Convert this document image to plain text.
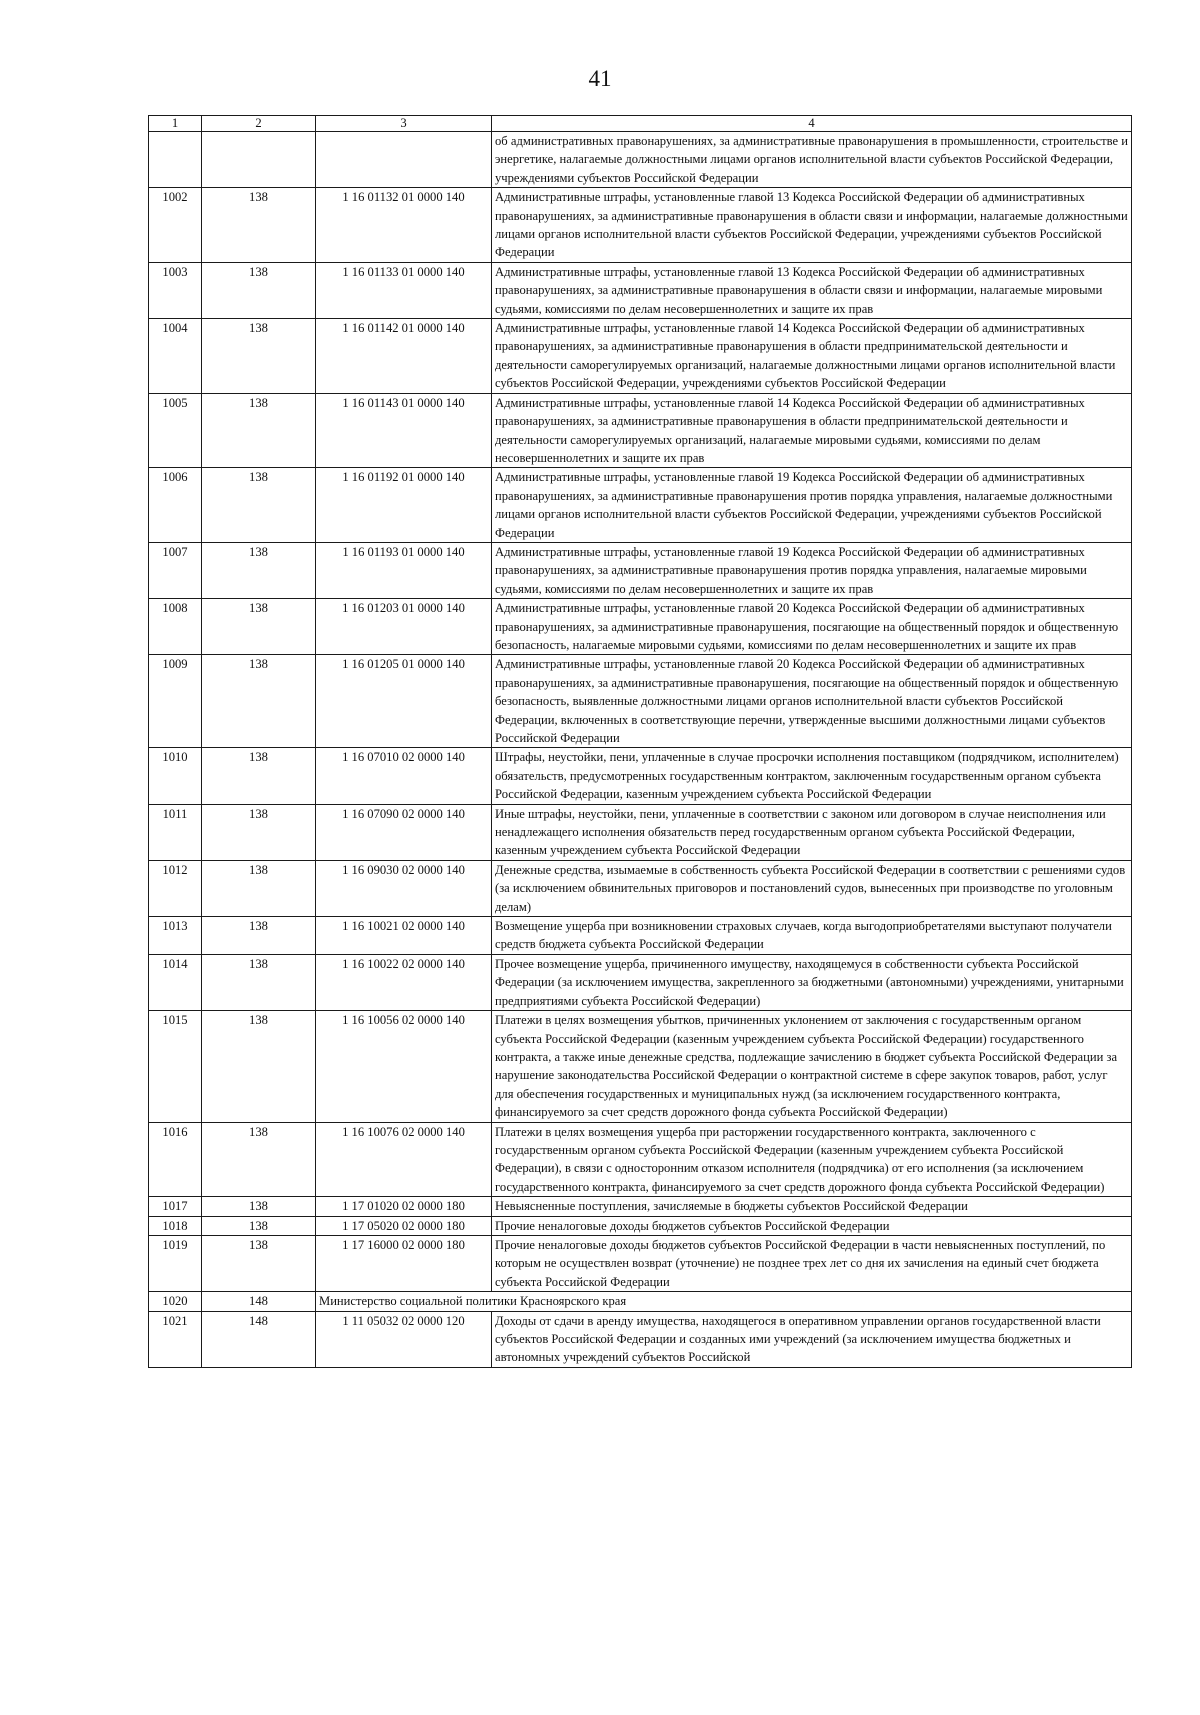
41
1	2	3	4
			об административных правонарушениях, за административные правонарушения в промышленности, строительстве и энергетике, налагаемые должностными лицами органов исполнительной власти субъектов Российской Федерации, учреждениями субъектов Российской Федерации
1002	138	1 16 01132 01 0000 140	Административные штрафы, установленные главой 13 Кодекса Российской Федерации об административных правонарушениях, за административные правонарушения в области связи и информации, налагаемые должностными лицами органов исполнительной власти субъектов Российской Федерации, учреждениями субъектов Российской Федерации
1003	138	1 16 01133 01 0000 140	Административные штрафы, установленные главой 13 Кодекса Российской Федерации об административных правонарушениях, за административные правонарушения в области связи и информации, налагаемые мировыми судьями, комиссиями по делам несовершеннолетних и защите их прав
1004	138	1 16 01142 01 0000 140	Административные штрафы, установленные главой 14 Кодекса Российской Федерации об административных правонарушениях, за административные правонарушения в области предпринимательской деятельности и деятельности саморегулируемых организаций, налагаемые должностными лицами органов исполнительной власти субъектов Российской Федерации, учреждениями субъектов Российской Федерации
1005	138	1 16 01143 01 0000 140	Административные штрафы, установленные главой 14 Кодекса Российской Федерации об административных правонарушениях, за административные правонарушения в области предпринимательской деятельности и деятельности саморегулируемых организаций, налагаемые мировыми судьями, комиссиями по делам несовершеннолетних и защите их прав
1006	138	1 16 01192 01 0000 140	Административные штрафы, установленные главой 19 Кодекса Российской Федерации об административных правонарушениях, за административные правонарушения против порядка управления, налагаемые должностными лицами органов исполнительной власти субъектов Российской Федерации, учреждениями субъектов Российской Федерации
1007	138	1 16 01193 01 0000 140	Административные штрафы, установленные главой 19 Кодекса Российской Федерации об административных правонарушениях, за административные правонарушения против порядка управления, налагаемые мировыми судьями, комиссиями по делам несовершеннолетних и защите их прав
1008	138	1 16 01203 01 0000 140	Административные штрафы, установленные главой 20 Кодекса Российской Федерации об административных правонарушениях, за административные правонарушения, посягающие на общественный порядок и общественную безопасность, налагаемые мировыми судьями, комиссиями по делам несовершеннолетних и защите их прав
1009	138	1 16 01205 01 0000 140	Административные штрафы, установленные главой 20 Кодекса Российской Федерации об административных правонарушениях, за административные правонарушения, посягающие на общественный порядок и общественную безопасность, выявленные должностными лицами органов исполнительной власти субъектов Российской Федерации, включенных в соответствующие перечни, утвержденные высшими должностными лицами субъектов Российской Федерации
1010	138	1 16 07010 02 0000 140	Штрафы, неустойки, пени, уплаченные в случае просрочки исполнения поставщиком (подрядчиком, исполнителем) обязательств, предусмотренных государственным контрактом, заключенным государственным органом субъекта Российской Федерации, казенным учреждением субъекта Российской Федерации
1011	138	1 16 07090 02 0000 140	Иные штрафы, неустойки, пени, уплаченные в соответствии с законом или договором в случае неисполнения или ненадлежащего исполнения обязательств перед государственным органом субъекта Российской Федерации, казенным учреждением субъекта Российской Федерации
1012	138	1 16 09030 02 0000 140	Денежные средства, изымаемые в собственность субъекта Российской Федерации в соответствии с решениями судов (за исключением обвинительных приговоров и постановлений судов, вынесенных при производстве по уголовным делам)
1013	138	1 16 10021 02 0000 140	Возмещение ущерба при возникновении страховых случаев, когда выгодоприобретателями выступают получатели средств бюджета субъекта Российской Федерации
1014	138	1 16 10022 02 0000 140	Прочее возмещение ущерба, причиненного имуществу, находящемуся в собственности субъекта Российской Федерации (за исключением имущества, закрепленного за бюджетными (автономными) учреждениями, унитарными предприятиями субъекта Российской Федерации)
1015	138	1 16 10056 02 0000 140	Платежи в целях возмещения убытков, причиненных уклонением от заключения с государственным органом субъекта Российской Федерации (казенным учреждением субъекта Российской Федерации) государственного контракта, а также иные денежные средства, подлежащие зачислению в бюджет субъекта Российской Федерации за нарушение законодательства Российской Федерации о контрактной системе в сфере закупок товаров, работ, услуг для обеспечения государственных и муниципальных нужд (за исключением государственного контракта, финансируемого за счет средств дорожного фонда субъекта Российской Федерации)
1016	138	1 16 10076 02 0000 140	Платежи в целях возмещения ущерба при расторжении государственного контракта, заключенного с государственным органом субъекта Российской Федерации (казенным учреждением субъекта Российской Федерации), в связи с односторонним отказом исполнителя (подрядчика) от его исполнения (за исключением государственного контракта, финансируемого за счет средств дорожного фонда субъекта Российской Федерации)
1017	138	1 17 01020 02 0000 180	Невыясненные поступления, зачисляемые в бюджеты субъектов Российской Федерации
1018	138	1 17 05020 02 0000 180	Прочие неналоговые доходы бюджетов субъектов Российской Федерации
1019	138	1 17 16000 02 0000 180	Прочие неналоговые доходы бюджетов субъектов Российской Федерации в части невыясненных поступлений, по которым не осуществлен возврат (уточнение) не позднее трех лет со дня их зачисления на единый счет бюджета субъекта Российской Федерации
1020	148	Министерство социальной политики Красноярского края	
1021	148	1 11 05032 02 0000 120	Доходы от сдачи в аренду имущества, находящегося в оперативном управлении органов государственной власти субъектов Российской Федерации и созданных ими учреждений (за исключением имущества бюджетных и автономных учреждений субъектов Российской
